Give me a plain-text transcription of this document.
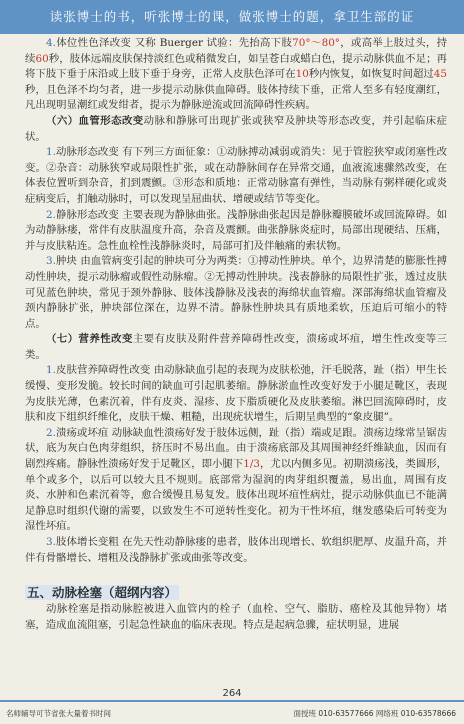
读张博士的书，听张博士的课，做张博士的题，拿卫生部的证

4.体位性色泽改变 又称 Buerger 试验：先抬高下肢70°～80°，或高举上肢过头，持续60秒，肢体远端皮肤保持淡红色或稍微发白，如呈苍白或蜡白色，提示动脉供血不足；再将下肢下垂于床沿或上肢下垂于身旁，正常人皮肤色泽可在10秒内恢复，如恢复时间超过45秒，且色泽不均匀者，进一步提示动脉供血障碍。肢体持续下垂，正常人至多有轻度潮红，凡出现明显潮红或发绀者，提示为静脉逆流或回流障碍性疾病。

（六）血管形态改变动脉和静脉可出现扩张或狭窄及肿块等形态改变，并引起临床症状。

1.动脉形态改变 有下列三方面征象：①动脉搏动减弱或消失：见于管腔狭窄或闭塞性改变。②杂音：动脉狭窄或局限性扩张，或在动静脉间存在异常交通，血液流速骤然改变，在体表位置听到杂音，扪到震颤。③形态和质地：正常动脉富有弹性，当动脉有粥样硬化或炎症病变后，扪触动脉时，可以发现呈屈曲状、增硬或结节等变化。

2.静脉形态改变 主要表现为静脉曲张。浅静脉曲张起因是静脉瓣膜破坏或回流障碍。如为动静脉瘘，常伴有皮肤温度升高，杂音及震颤。曲张静脉炎症时，局部出现硬结、压痛，并与皮肤粘连。急性血栓性浅静脉炎时，局部可扪及伴触痛的索状物。

3.肿块 由血管病变引起的肿块可分为两类：①搏动性肿块。单个，边界清楚的膨胀性搏动性肿块，提示动脉瘤或假性动脉瘤。②无搏动性肿块。浅表静脉的局限性扩张，透过皮肤可见蓝色肿块，常见于颈外静脉、肢体浅静脉及浅表的海绵状血管瘤。深部海绵状血管瘤及颈内静脉扩张，肿块部位深在，边界不清。静脉性肿块具有质地柔软，压迫后可缩小的特点。

（七）营养性改变主要有皮肤及附件营养障碍性改变，溃疡或坏疽，增生性改变等三类。

1.皮肤营养障碍性改变 由动脉缺血引起的表现为皮肤松弛，汗毛脱落，趾（指）甲生长缓慢、变形发脆。较长时间的缺血可引起肌萎缩。静脉淤血性改变好发于小腿足靴区，表现为皮肤光薄，色素沉着，伴有皮炎、湿疹、皮下脂质硬化及皮肤萎缩。淋巴回流障碍时，皮肤和皮下组织纤维化，皮肤干燥、粗糙，出现疣状增生，后期呈典型的“象皮腿”。

2.溃疡或坏疽 动脉缺血性溃疡好发于肢体远侧，趾（指）端或足跟。溃疡边缘常呈锯齿状，底为灰白色肉芽组织，挤压时不易出血。由于溃疡底部及其周围神经纤维缺血，因而有剧烈疼痛。静脉性溃疡好发于足靴区，即小腿下1/3，尤以内侧多见。初期溃疡浅，类圆形，单个或多个，以后可以较大且不规则。底部常为湿润的肉芽组织覆盖，易出血，周围有皮炎、水肿和色素沉着等，愈合缓慢且易复发。肢体出现坏疽性病灶，提示动脉供血已不能满足静息时组织代谢的需要，以致发生不可逆转性变化。初为干性坏疽，继发感染后可转变为湿性坏疽。

3.肢体增长变粗 在先天性动静脉瘘的患者，肢体出现增长、软组织肥厚、皮温升高，并伴有骨骼增长、增粗及浅静脉扩张或曲张等改变。

五、动脉栓塞（超纲内容）

动脉栓塞是指动脉腔被进入血管内的栓子（血栓、空气、脂肪、癌栓及其他异物）堵塞，造成血流阻塞，引起急性缺血的临床表现。特点是起病急骤，症状明显，进展

264
名师辅导可节省张大量着书时间	面授班 010-63577666 网络班 010-63578666
